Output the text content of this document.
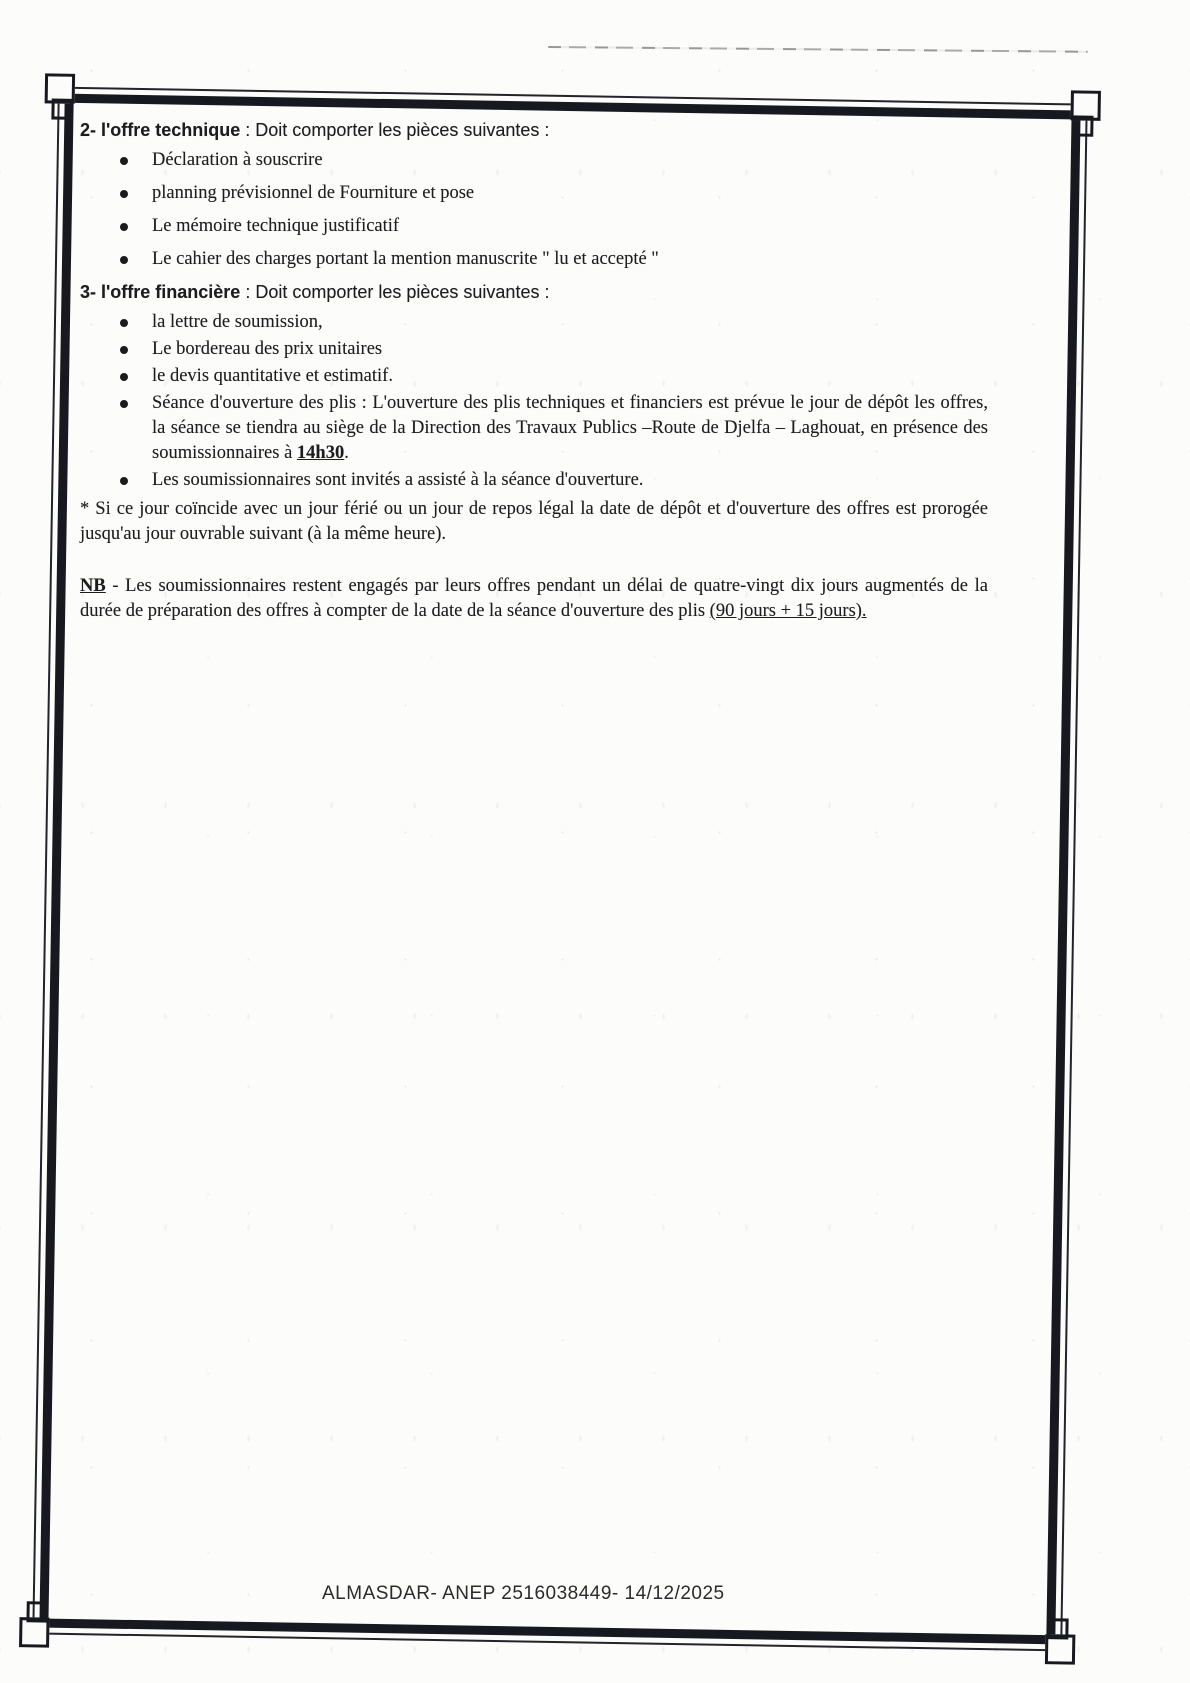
2- l'offre technique : Doit comporter les pièces suivantes :
Déclaration à souscrire
planning prévisionnel de Fourniture et pose
Le mémoire technique justificatif
Le cahier des charges portant la mention manuscrite " lu et accepté "
3- l'offre financière : Doit comporter les pièces suivantes :
la lettre de soumission,
Le bordereau des prix unitaires
le devis quantitative et estimatif.
Séance d'ouverture des plis : L'ouverture des plis techniques et financiers est prévue le jour de dépôt les offres, la séance se tiendra au siège de la Direction des Travaux Publics –Route de Djelfa – Laghouat, en présence des soumissionnaires à 14h30.
Les soumissionnaires sont invités a assisté à la séance d'ouverture.
* Si ce jour coïncide avec un jour férié ou un jour de repos légal la date de dépôt et d'ouverture des offres est prorogée jusqu'au jour ouvrable suivant (à la même heure).
NB - Les soumissionnaires restent engagés par leurs offres pendant un délai de quatre-vingt dix jours augmentés de la durée de préparation des offres à compter de la date de la séance d'ouverture des plis (90 jours + 15 jours).
ALMASDAR- ANEP 2516038449- 14/12/2025
